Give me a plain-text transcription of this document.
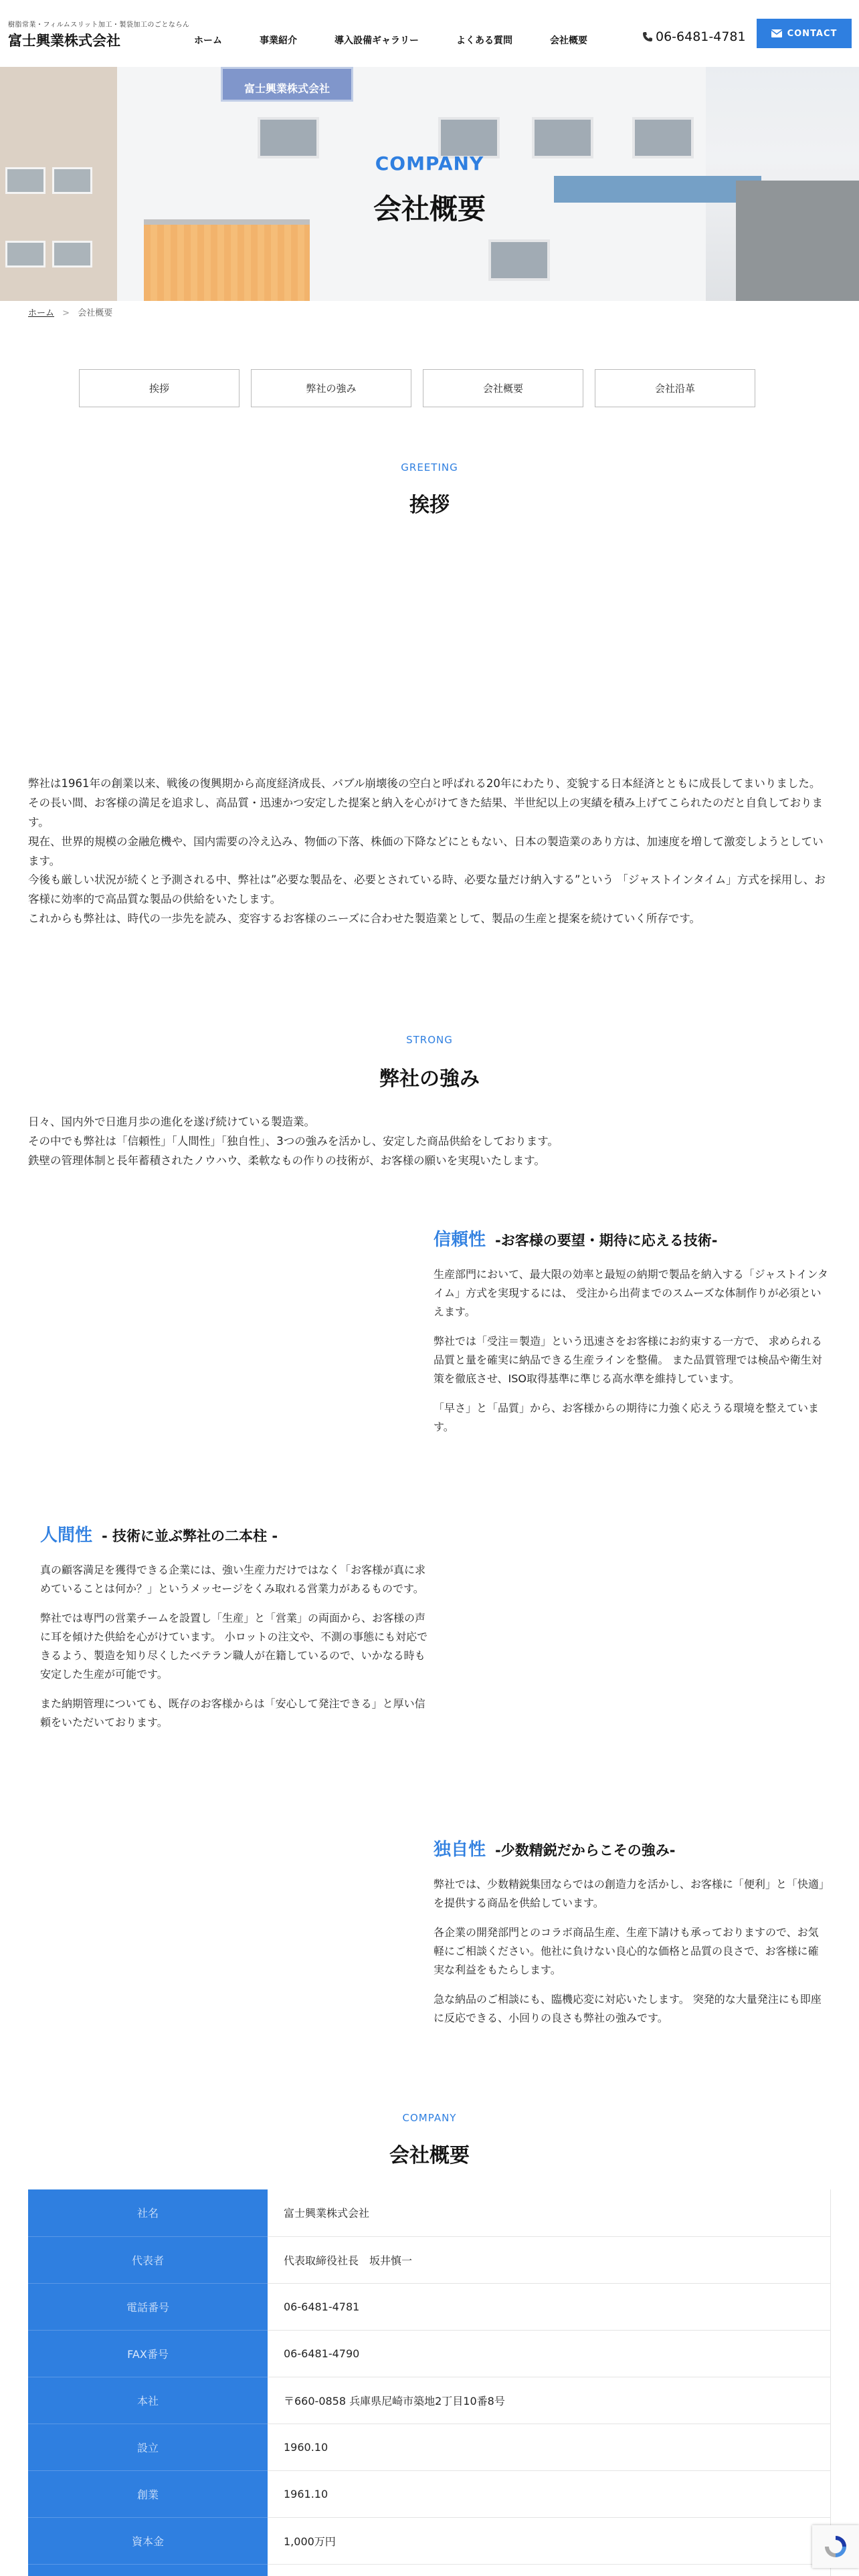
樹脂常業・フィルムスリット加工・製袋加工のごとならん
富士興業株式会社	ホーム	事業紹介	導入設備ギャラリー	よくある質問	会社概要	06-6481-4781	CONTACT
富士興業株式会社
COMPANY
会社概要
ホーム > 会社概要
挨拶	弊社の強み	会社概要	会社沿革
GREETING
挨拶

弊社は1961年の創業以来、戦後の復興期から高度経済成長、バブル崩壊後の空白と呼ばれる20年にわたり、変貌する日本経済とともに成長してまいりました。その長い間、お客様の満足を追求し、高品質・迅速かつ安定した提案と納入を心がけてきた結果、半世紀以上の実績を積み上げてこられたのだと自負しております。

現在、世界的規模の金融危機や、国内需要の冷え込み、物価の下落、株価の下降などにともない、日本の製造業のあり方は、加速度を増して激変しようとしています。

今後も厳しい状況が続くと予測される中、弊社は”必要な製品を、必要とされている時、必要な量だけ納入する”という 「ジャストインタイム」方式を採用し、お客様に効率的で高品質な製品の供給をいたします。

これからも弊社は、時代の一歩先を読み、変容するお客様のニーズに合わせた製造業として、製品の生産と提案を続けていく所存です。

STRONG
弊社の強み

日々、国内外で日進月歩の進化を遂げ続けている製造業。

その中でも弊社は「信頼性」「人間性」「独自性」、3つの強みを活かし、安定した商品供給をしております。

鉄壁の管理体制と長年蓄積されたノウハウ、柔軟なもの作りの技術が、お客様の願いを実現いたします。

信頼性 -お客様の要望・期待に応える技術-

生産部門において、最大限の効率と最短の納期で製品を納入する「ジャストインタイム」方式を実現するには、 受注から出荷までのスムーズな体制作りが必須といえます。

弊社では「受注＝製造」という迅速さをお客様にお約束する一方で、 求められる品質と量を確実に納品できる生産ラインを整備。 また品質管理では検品や衛生対策を徹底させ、ISO取得基準に準じる高水準を維持しています。

「早さ」と「品質」から、お客様からの期待に力強く応えうる環境を整えています。

人間性 - 技術に並ぶ弊社の二本柱 -

真の顧客満足を獲得できる企業には、強い生産力だけではなく「お客様が真に求めていることは何か？」というメッセージをくみ取れる営業力があるものです。

弊社では専門の営業チームを設置し「生産」と「営業」の両面から、お客様の声に耳を傾けた供給を心がけています。 小ロットの注文や、不測の事態にも対応できるよう、製造を知り尽くしたベテラン職人が在籍しているので、いかなる時も安定した生産が可能です。

また納期管理についても、既存のお客様からは「安心して発注できる」と厚い信頼をいただいております。

独自性 -少数精鋭だからこその強み-

弊社では、少数精鋭集団ならではの創造力を活かし、お客様に「便利」と「快適」を提供する商品を供給しています。

各企業の開発部門とのコラボ商品生産、生産下請けも承っておりますので、お気軽にご相談ください。他社に負けない良心的な価格と品質の良さで、お客様に確実な利益をもたらします。

急な納品のご相談にも、臨機応変に対応いたします。 突発的な大量発注にも即座に反応できる、小回りの良さも弊社の強みです。

COMPANY
会社概要
社名	富士興業株式会社
代表者	代表取締役社長　坂井慎一
電話番号	06-6481-4781
FAX番号	06-6481-4790
本社	〒660-0858 兵庫県尼崎市築地2丁目10番8号
設立	1960.10
創業	1961.10
資本金	1,000万円
